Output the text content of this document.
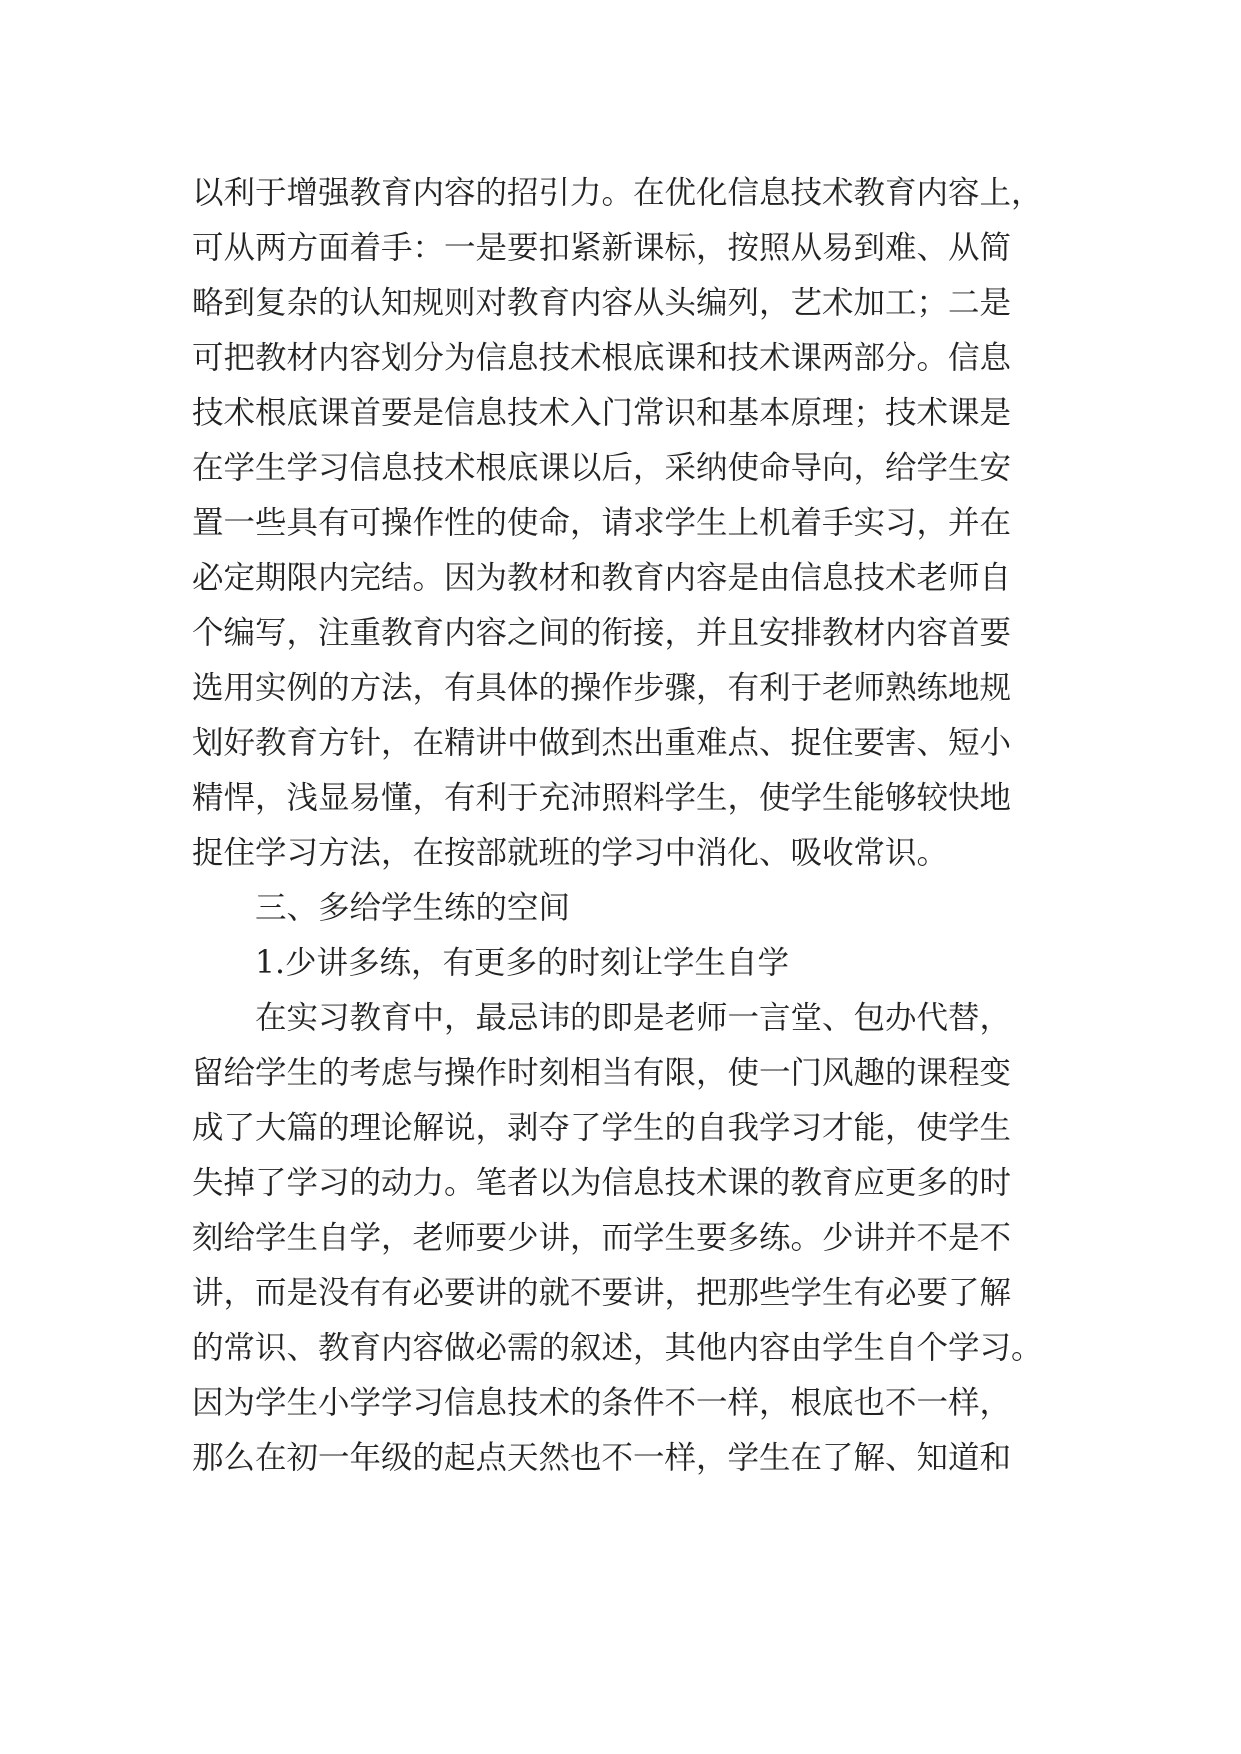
以利于增强教育内容的招引力。在优化信息技术教育内容上，
可从两方面着手：一是要扣紧新课标，按照从易到难、从简
略到复杂的认知规则对教育内容从头编列，艺术加工；二是
可把教材内容划分为信息技术根底课和技术课两部分。信息
技术根底课首要是信息技术入门常识和基本原理；技术课是
在学生学习信息技术根底课以后，采纳使命导向，给学生安
置一些具有可操作性的使命，请求学生上机着手实习，并在
必定期限内完结。因为教材和教育内容是由信息技术老师自
个编写，注重教育内容之间的衔接，并且安排教材内容首要
选用实例的方法，有具体的操作步骤，有利于老师熟练地规
划好教育方针，在精讲中做到杰出重难点、捉住要害、短小
精悍，浅显易懂，有利于充沛照料学生，使学生能够较快地
捉住学习方法，在按部就班的学习中消化、吸收常识。
三、多给学生练的空间
1.少讲多练，有更多的时刻让学生自学
在实习教育中，最忌讳的即是老师一言堂、包办代替，
留给学生的考虑与操作时刻相当有限，使一门风趣的课程变
成了大篇的理论解说，剥夺了学生的自我学习才能，使学生
失掉了学习的动力。笔者以为信息技术课的教育应更多的时
刻给学生自学，老师要少讲，而学生要多练。少讲并不是不
讲，而是没有有必要讲的就不要讲，把那些学生有必要了解
的常识、教育内容做必需的叙述，其他内容由学生自个学习。
因为学生小学学习信息技术的条件不一样，根底也不一样，
那么在初一年级的起点天然也不一样，学生在了解、知道和
